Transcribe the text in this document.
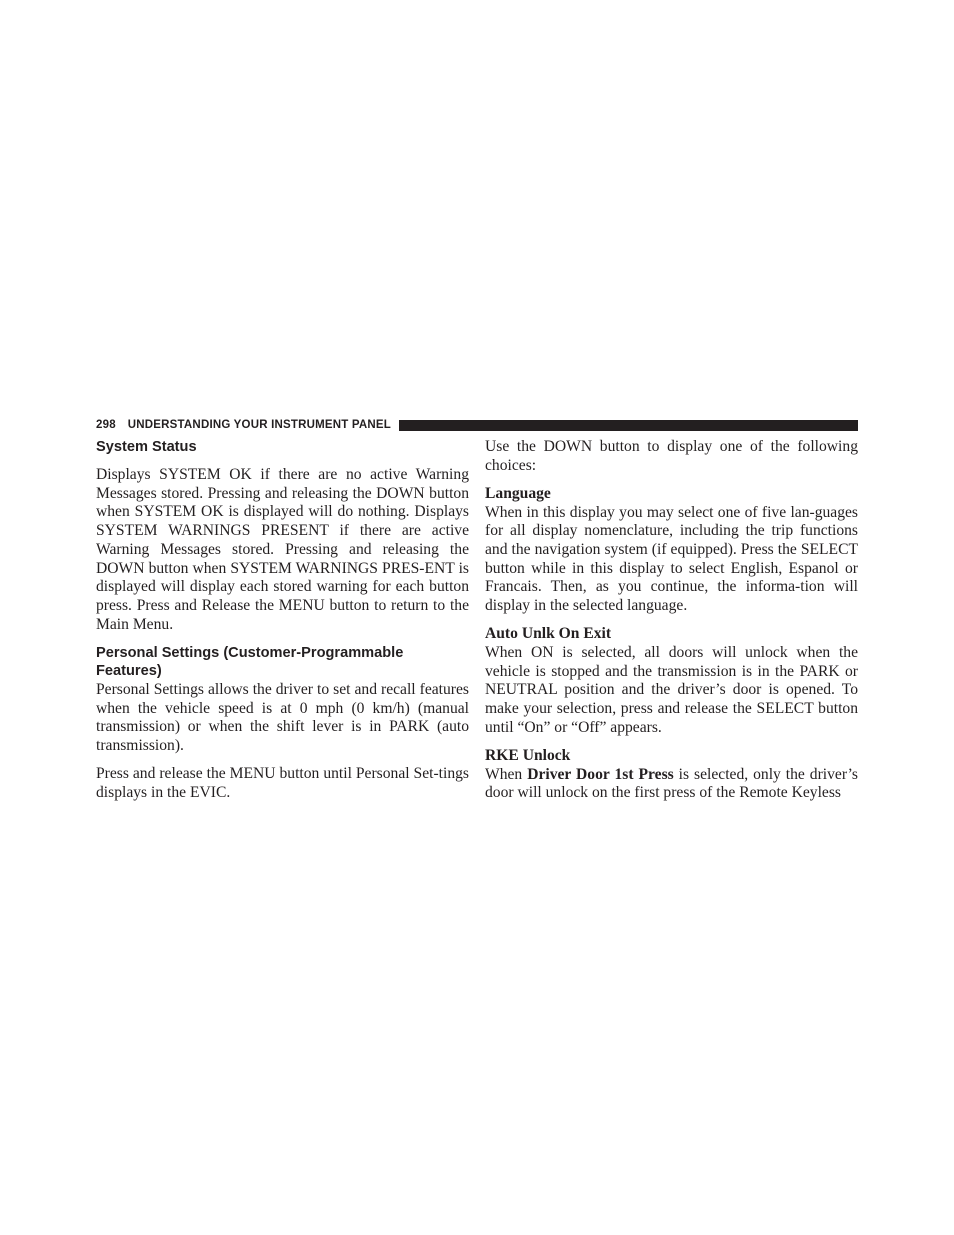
298 UNDERSTANDING YOUR INSTRUMENT PANEL
System Status

Displays SYSTEM OK if there are no active Warning Messages stored. Pressing and releasing the DOWN button when SYSTEM OK is displayed will do nothing. Displays SYSTEM WARNINGS PRESENT if there are active Warning Messages stored. Pressing and releasing the DOWN button when SYSTEM WARNINGS PRES-ENT is displayed will display each stored warning for each button press. Press and Release the MENU button to return to the Main Menu.

Personal Settings (Customer-Programmable Features)

Personal Settings allows the driver to set and recall features when the vehicle speed is at 0 mph (0 km/h) (manual transmission) or when the shift lever is in PARK (auto transmission).

Press and release the MENU button until Personal Set-tings displays in the EVIC.

Use the DOWN button to display one of the following choices:

Language

When in this display you may select one of five lan-guages for all display nomenclature, including the trip functions and the navigation system (if equipped). Press the SELECT button while in this display to select English, Espanol or Francais. Then, as you continue, the informa-tion will display in the selected language.

Auto Unlk On Exit

When ON is selected, all doors will unlock when the vehicle is stopped and the transmission is in the PARK or NEUTRAL position and the driver’s door is opened. To make your selection, press and release the SELECT button until “On” or “Off” appears.

RKE Unlock

When Driver Door 1st Press is selected, only the driver’s door will unlock on the first press of the Remote Keyless
